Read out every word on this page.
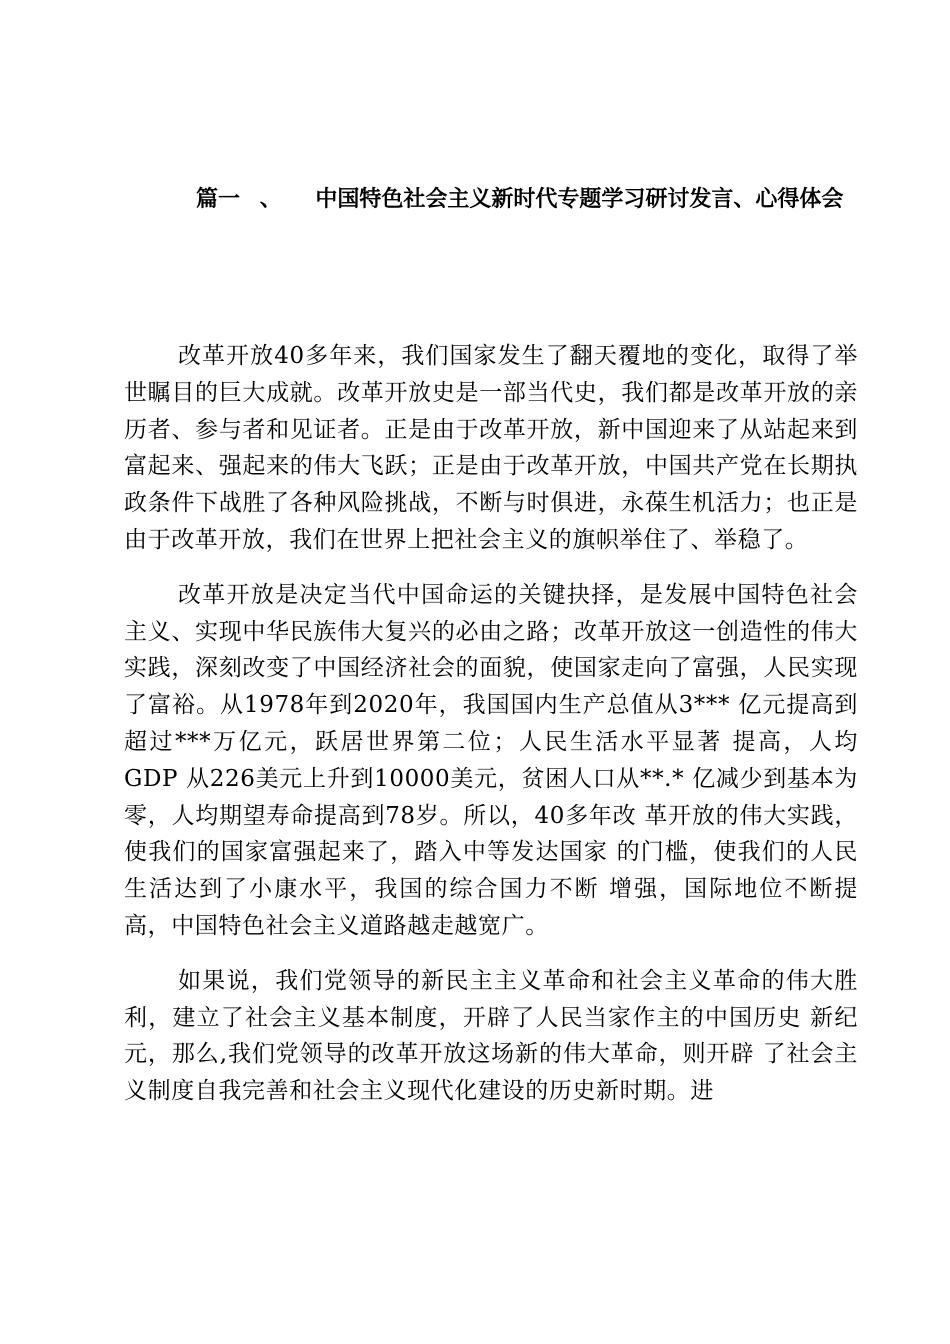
篇一 、 中国特色社会主义新时代专题学习研讨发言、心得体会

改革开放40多年来，我们国家发生了翻天覆地的变化，取得了举世瞩目的巨大成就。改革开放史是一部当代史，我们都是改革开放的亲历者、参与者和见证者。正是由于改革开放，新中国迎来了从站起来到富起来、强起来的伟大飞跃；正是由于改革开放，中国共产党在长期执政条件下战胜了各种风险挑战，不断与时俱进，永葆生机活力；也正是由于改革开放，我们在世界上把社会主义的旗帜举住了、举稳了。

改革开放是决定当代中国命运的关键抉择，是发展中国特色社会主义、实现中华民族伟大复兴的必由之路；改革开放这一创造性的伟大实践，深刻改变了中国经济社会的面貌，使国家走向了富强，人民实现了富裕。从1978年到2020年，我国国内生产总值从3*** 亿元提高到超过***万亿元，跃居世界第二位；人民生活水平显著 提高，人均GDP 从226美元上升到10000美元，贫困人口从**.* 亿减少到基本为零，人均期望寿命提高到78岁。所以，40多年改 革开放的伟大实践，使我们的国家富强起来了，踏入中等发达国家 的门槛，使我们的人民生活达到了小康水平，我国的综合国力不断 增强，国际地位不断提高，中国特色社会主义道路越走越宽广。

如果说，我们党领导的新民主主义革命和社会主义革命的伟大胜利，建立了社会主义基本制度，开辟了人民当家作主的中国历史 新纪元，那么,我们党领导的改革开放这场新的伟大革命，则开辟 了社会主义制度自我完善和社会主义现代化建设的历史新时期。进
